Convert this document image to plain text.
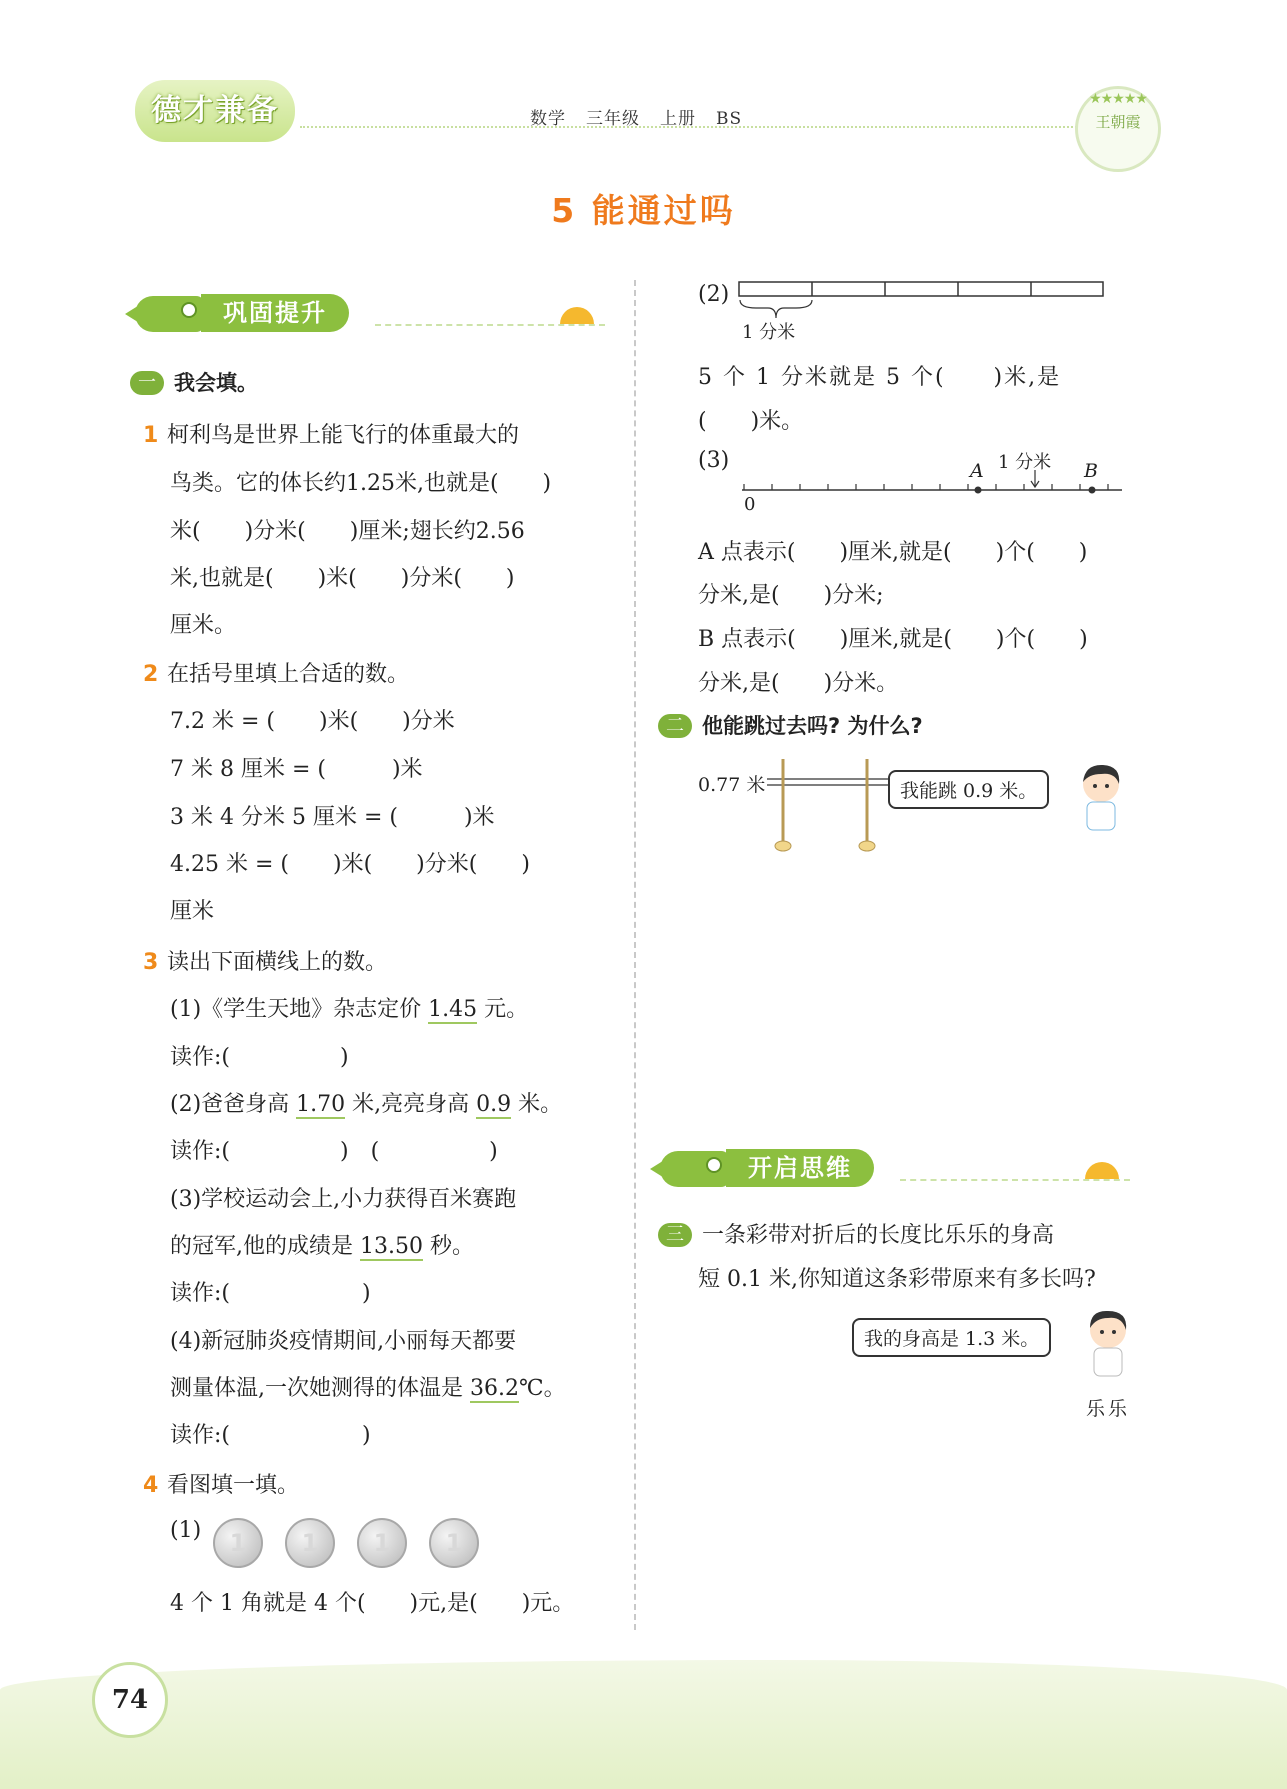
德才兼备	数学 三年级 上册 BS
★★★★★
王朝霞
5 能通过吗
巩固提升
一 我会填。
1 柯利鸟是世界上能飞行的体重最大的
鸟类。它的体长约1.25米,也就是(　　)
米(　　)分米(　　)厘米;翅长约2.56
米,也就是(　　)米(　　)分米(　　)
厘米。
2 在括号里填上合适的数。
7.2 米 = (　　)米(　　)分米
7 米 8 厘米 = (　　　)米
3 米 4 分米 5 厘米 = (　　　)米
4.25 米 = (　　)米(　　)分米(　　)
厘米
3 读出下面横线上的数。
(1)《学生天地》杂志定价 1.45 元。
读作:(　　　　　)
(2)爸爸身高 1.70 米,亮亮身高 0.9 米。
读作:(　　　　　)　(　　　　　)
(3)学校运动会上,小力获得百米赛跑
的冠军,他的成绩是 13.50 秒。
读作:(　　　　　　)
(4)新冠肺炎疫情期间,小丽每天都要
测量体温,一次她测得的体温是 36.2℃。
读作:(　　　　　　)
4 看图填一填。
(1)	1 1 1 1
4 个 1 角就是 4 个(　　)元,是(　　)元。
(2)
1 分米
5 个 1 分米就是 5 个(　　)米,是
(　　)米。
(3)
0
A	B
1 分米
A 点表示(　　)厘米,就是(　　)个(　　)
分米,是(　　)分米;
B 点表示(　　)厘米,就是(　　)个(　　)
分米,是(　　)分米。
二 他能跳过去吗? 为什么?
0.77 米	我能跳 0.9 米。
开启思维
三 一条彩带对折后的长度比乐乐的身高
短 0.1 米,你知道这条彩带原来有多长吗?
我的身高是 1.3 米。
乐乐
74
